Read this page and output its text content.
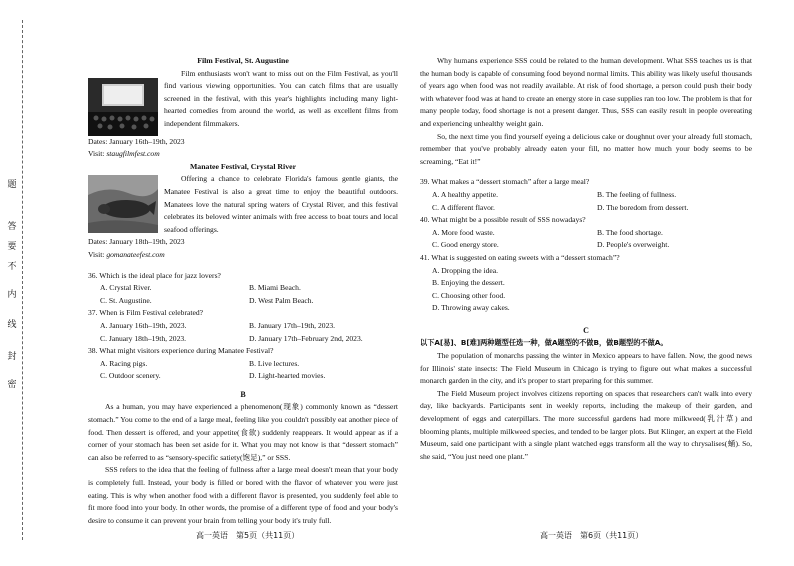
题
答
要
不
内
线
封
密

Film Festival, St. Augustine

Film enthusiasts won't want to miss out on the Film Festival, as you'll find various viewing opportunities. You can catch films that are usually screened in the festival, with this year's highlights including many light-hearted comedies from around the world, as well as excellent films from independent filmmakers.

Dates: January 16th–19th, 2023

Visit: staugfilmfest.com

Manatee Festival, Crystal River

Offering a chance to celebrate Florida's famous gentle giants, the Manatee Festival is also a great time to enjoy the beautiful outdoors. Manatees love the natural spring waters of Crystal River, and this festival celebrates its beloved winter animals with free access to boat tours and local seafood offerings.

Dates: January 18th–19th, 2023

Visit: gomanateefest.com

36. Which is the ideal place for jazz lovers?

A. Crystal River.	B. Miami Beach.
C. St. Augustine.	D. West Palm Beach.

37. When is Film Festival celebrated?

A. January 16th–19th, 2023.	B. January 17th–19th, 2023.
C. January 18th–19th, 2023.	D. January 17th–February 2nd, 2023.

38. What might visitors experience during Manatee Festival?

A. Racing pigs.	B. Live lectures.
C. Outdoor scenery.	D. Light-hearted movies.

B

As a human, you may have experienced a phenomenon(现象) commonly known as “dessert stomach.” You come to the end of a large meal, feeling like you couldn't possibly eat another piece of food. Then dessert is offered, and your appetite(食欲) suddenly reappears. It would appear as if a corner of your stomach has been set aside for it. What you may not know is that “dessert stomach” can also be referred to as “sensory-specific satiety(饱足),” or SSS.

SSS refers to the idea that the feeling of fullness after a large meal doesn't mean that your body is completely full. Instead, your body is filled or bored with the flavor of whatever you were just eating. This is why when another food with a different flavor is presented, you suddenly feel able to fit more food into your body. In other words, the promise of a different type of food and your body's desire to consume it can prevent your brain from telling your body it's truly full.

Why humans experience SSS could be related to the human development. What SSS teaches us is that the human body is capable of consuming food beyond normal limits. This ability was likely useful thousands of years ago when food was not readily available. At risk of food shortage, a person could push their body with whatever food was at hand to create an energy store in case supplies ran too low. The problem is that for many people today, food shortage is not a present danger. Thus, SSS can easily result in people overeating and experiencing unhealthy weight gain.

So, the next time you find yourself eyeing a delicious cake or doughnut over your already full stomach, remember that you've probably already eaten your fill, no matter how much your body seems to be screaming, “Eat it!”

39. What makes a “dessert stomach” after a large meal?

A. A healthy appetite.	B. The feeling of fullness.
C. A different flavor.	D. The boredom from dessert.

40. What might be a possible result of SSS nowadays?

A. More food waste.	B. The food shortage.
C. Good energy store.	D. People's overweight.

41. What is suggested on eating sweets with a “dessert stomach”?

A. Dropping the idea.

B. Enjoying the dessert.

C. Choosing other food.

D. Throwing away cakes.

C

以下A[易]、B[难]两种题型任选一种，做A题型的不做B，做B题型的不做A。

The population of monarchs passing the winter in Mexico appears to have fallen. Now, the good news for Illinois' state insects: The Field Museum in Chicago is trying to figure out what makes a successful monarch garden in the city, and it's proper to start preparing for this summer.

The Field Museum project involves citizens reporting on spaces that researchers can't walk into every day, like backyards. Participants sent in weekly reports, including the makeup of their garden, and development of eggs and caterpillars. The more successful gardens had more milkweed(乳汁草) and blooming plants, multiple milkweed species, and tended to be larger plots. But Klinger, an expert at the Field Museum, said one participant with a single plant watched eggs transform all the way to chrysalises(蛹). So, she said, “You just need one plant.”

高一英语　第5页（共11页）	高一英语　第6页（共11页）
